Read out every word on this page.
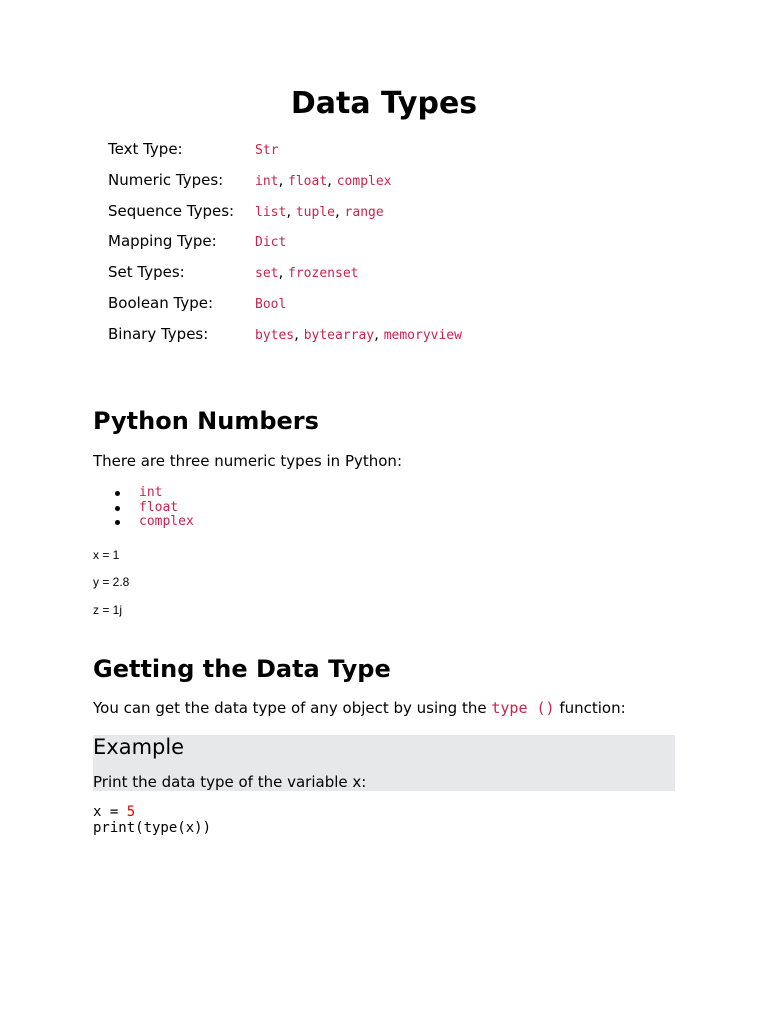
Data Types
Text Type:	Str
Numeric Types: int, float, complex
Sequence Types: list, tuple, range
Mapping Type:	Dict
Set Types:	set, frozenset
Boolean Type:	Bool
Binary Types:	bytes, bytearray, memoryview
Python Numbers

There are three numeric types in Python:

int
float
complex

x = 1

y = 2.8

z = 1j

Getting the Data Type

You can get the data type of any object by using the type () function:

Example

Print the data type of the variable x:

x = 5
print(type(x))
